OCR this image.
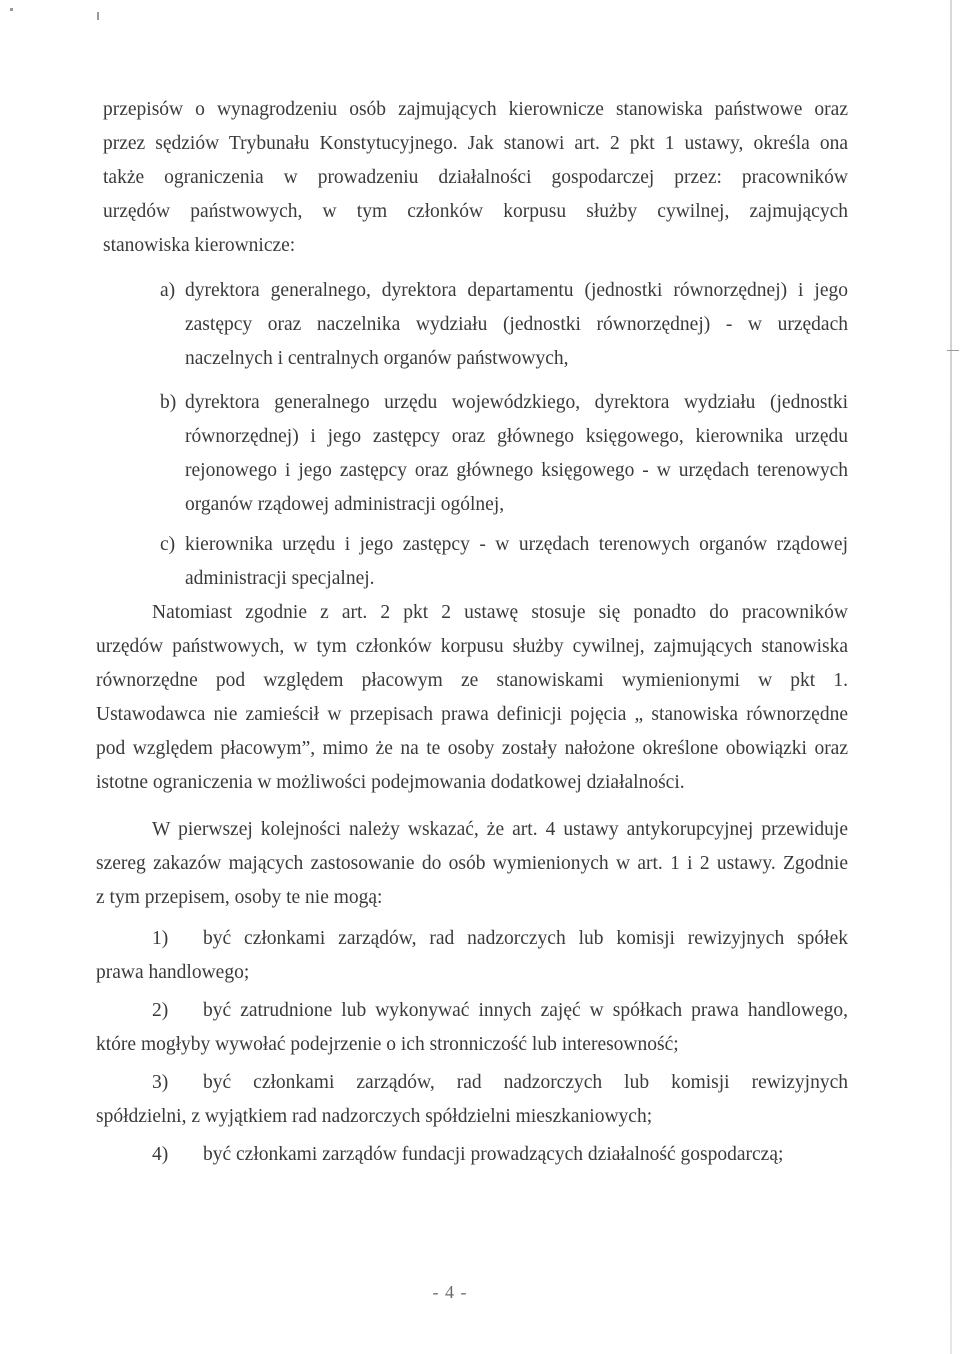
przepisów o wynagrodzeniu osób zajmujących kierownicze stanowiska państwowe oraz
przez sędziów Trybunału Konstytucyjnego. Jak stanowi art. 2 pkt 1 ustawy, określa ona
także ograniczenia w prowadzeniu działalności gospodarczej przez: pracowników
urzędów państwowych, w tym członków korpusu służby cywilnej, zajmujących
stanowiska kierownicze:
a) dyrektora generalnego, dyrektora departamentu (jednostki równorzędnej) i jego
zastępcy oraz naczelnika wydziału (jednostki równorzędnej) - w urzędach
naczelnych i centralnych organów państwowych,
b) dyrektora generalnego urzędu wojewódzkiego, dyrektora wydziału (jednostki
równorzędnej) i jego zastępcy oraz głównego księgowego, kierownika urzędu
rejonowego i jego zastępcy oraz głównego księgowego - w urzędach terenowych
organów rządowej administracji ogólnej,
c) kierownika urzędu i jego zastępcy - w urzędach terenowych organów rządowej
administracji specjalnej.
Natomiast zgodnie z art. 2 pkt 2 ustawę stosuje się ponadto do pracowników
urzędów państwowych, w tym członków korpusu służby cywilnej, zajmujących stanowiska
równorzędne pod względem płacowym ze stanowiskami wymienionymi w pkt 1.
Ustawodawca nie zamieścił w przepisach prawa definicji pojęcia „ stanowiska równorzędne
pod względem płacowym”, mimo że na te osoby zostały nałożone określone obowiązki oraz
istotne ograniczenia w możliwości podejmowania dodatkowej działalności.
W pierwszej kolejności należy wskazać, że art. 4 ustawy antykorupcyjnej przewiduje
szereg zakazów mających zastosowanie do osób wymienionych w art. 1 i 2 ustawy. Zgodnie
z tym przepisem, osoby te nie mogą:
1) być członkami zarządów, rad nadzorczych lub komisji rewizyjnych spółek
prawa handlowego;
2) być zatrudnione lub wykonywać innych zajęć w spółkach prawa handlowego,
które mogłyby wywołać podejrzenie o ich stronniczość lub interesowność;
3) być członkami zarządów, rad nadzorczych lub komisji rewizyjnych
spółdzielni, z wyjątkiem rad nadzorczych spółdzielni mieszkaniowych;
4) być członkami zarządów fundacji prowadzących działalność gospodarczą;
- 4 -
